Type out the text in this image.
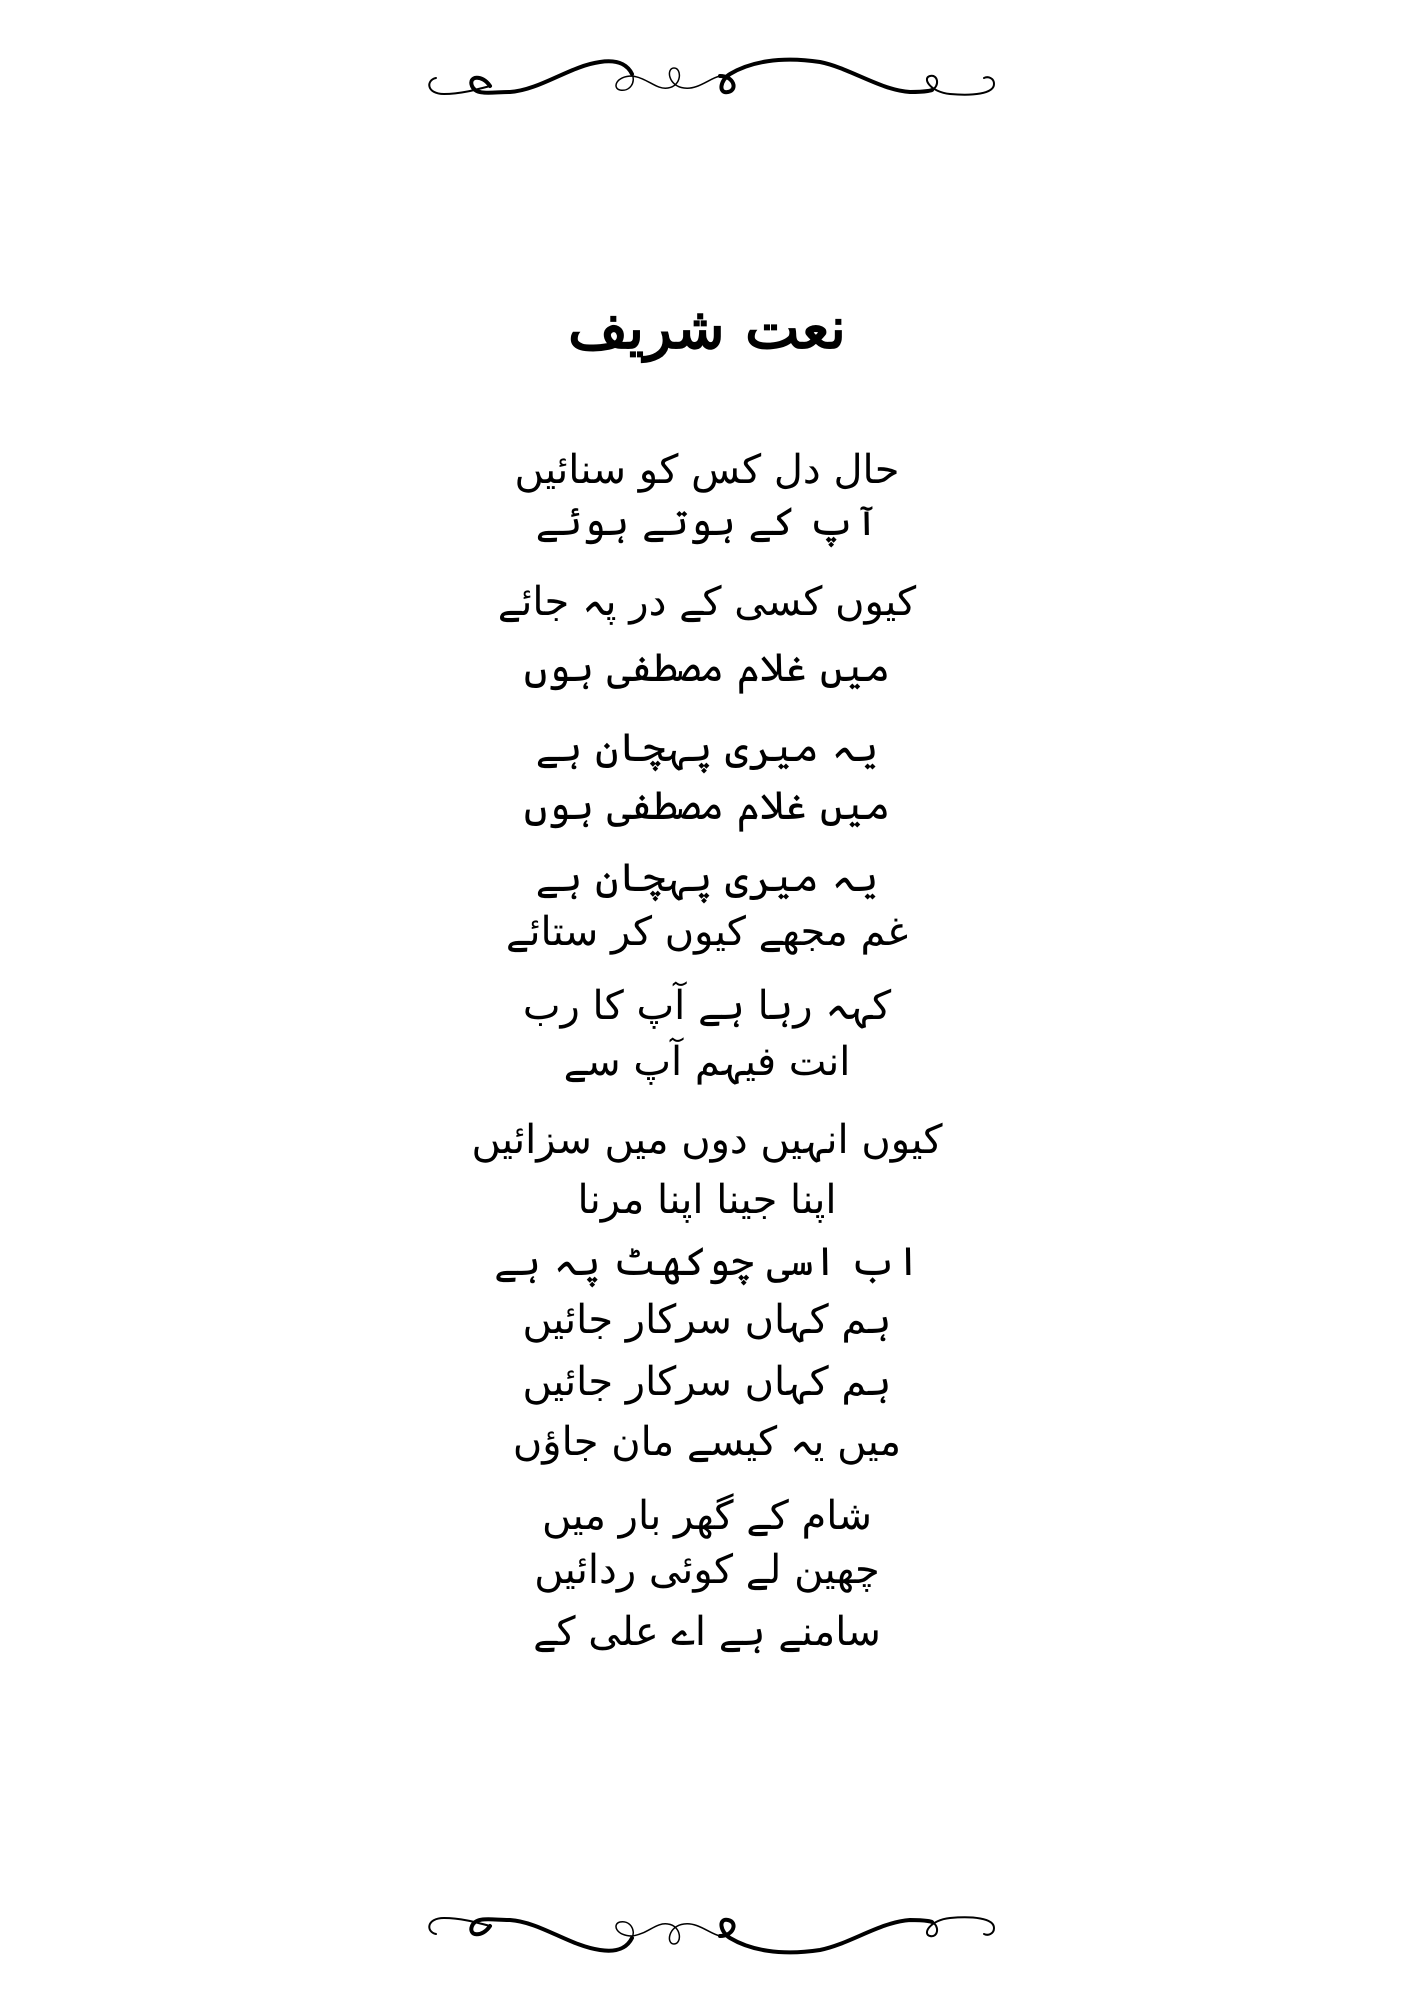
نعت شریف
حال دل کس کو سنائیں
آپ کے ہوتے ہوئے
کیوں کسی کے در پہ جائے
میں غلام مصطفی ہوں
یہ میری پہچان ہے
میں غلام مصطفی ہوں
یہ میری پہچان ہے
غم مجھے کیوں کر ستائے
کہہ رہا ہے آپ کا رب
انت فیہم آپ سے
کیوں انہیں دوں میں سزائیں
اپنا جینا اپنا مرنا
اب اسی چوکھٹ پہ ہے
ہم کہاں سرکار جائیں
ہم کہاں سرکار جائیں
میں یہ کیسے مان جاؤں
شام کے گھر بار میں
چھین لے کوئی ردائیں
سامنے ہے اے علی کے
